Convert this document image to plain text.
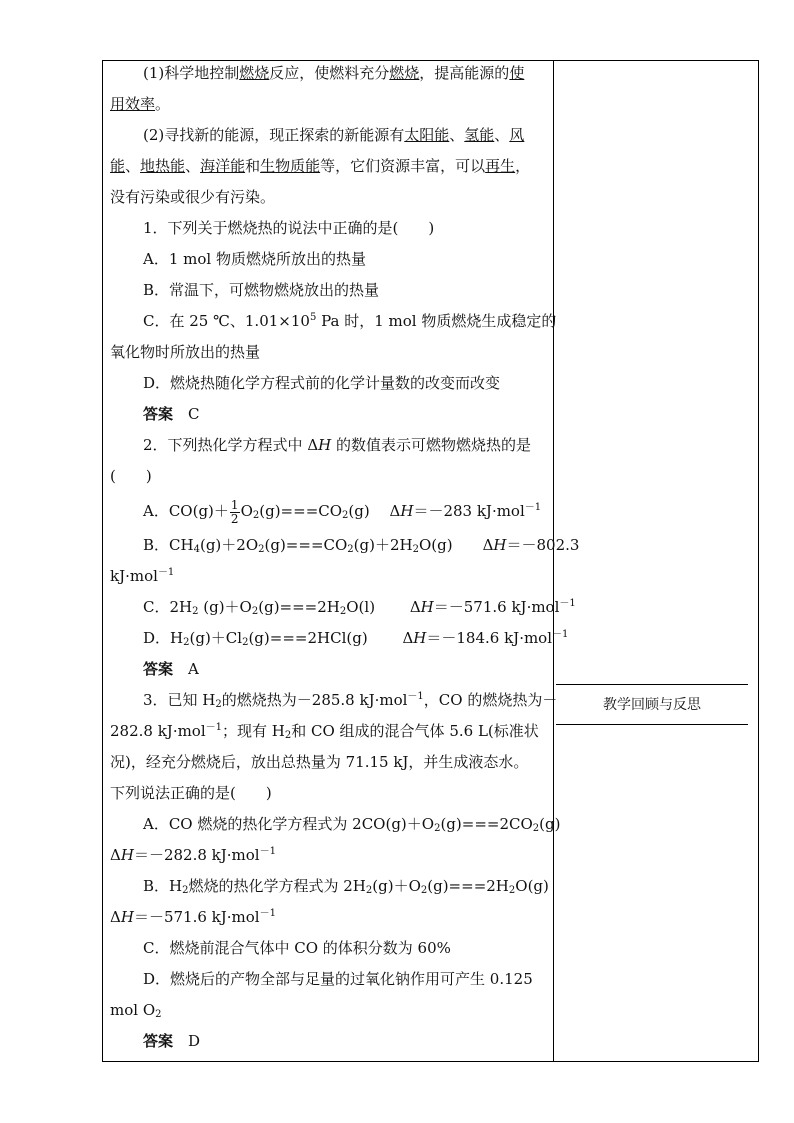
教学回顾与反思
(1)科学地控制燃烧反应，使燃料充分燃烧，提高能源的使
用效率。
(2)寻找新的能源，现正探索的新能源有太阳能、氢能、风
能、地热能、海洋能和生物质能等，它们资源丰富，可以再生，
没有污染或很少有污染。
1．下列关于燃烧热的说法中正确的是(　　)
A．1 mol 物质燃烧所放出的热量
B．常温下，可燃物燃烧放出的热量
C．在 25 ℃、$1.01\times 10^5$ Pa 时，1 mol 物质燃烧生成稳定的
氧化物时所放出的热量
D．燃烧热随化学方程式前的化学计量数的改变而改变
答案　 C
2．下列热化学方程式中 ΔH 的数值表示可燃物燃烧热的是
(　　)
A．$CO(g)+ \frac{1}{2} O_2(g)===CO_2(g)$　 ΔH＝－283 kJ·mol$^{-1}$
B．$CH_4(g)+2O_2(g)===CO_2(g)+2H_2O(g)$　　ΔH＝－802.3
kJ·mol$^{-1}$
C．$2H_2$ $(g)+O_2(g)===2H_2O(l)$　　 ΔH＝－571.6 kJ·mol$^{-1}$
D．$H_2(g)+Cl_2(g)===2HCl(g)$　　 ΔH＝－184.6 kJ·mol$^{-1}$
答案　 A
3．已知 $H_2$的燃烧热为－285.8 kJ·mol$^{-1}$，CO 的燃烧热为－
282.8 kJ·mol$^{-1}$；现有 $H_2$和 CO 组成的混合气体 5.6 L(标准状
况)，经充分燃烧后，放出总热量为 71.15 kJ，并生成液态水。
下列说法正确的是(　　)
A．CO 燃烧的热化学方程式为 $2CO(g)+O_2(g)===2CO_2(g)$
ΔH＝－282.8 kJ·mol$^{-1}$
B．$H_2$燃烧的热化学方程式为 $2H_2(g)+O_2(g)===2H_2O(g)$
ΔH＝－571.6 kJ·mol$^{-1}$
C．燃烧前混合气体中 CO 的体积分数为 60%
D．燃烧后的产物全部与足量的过氧化钠作用可产生 0.125
mol $O_2$
答案　 D
